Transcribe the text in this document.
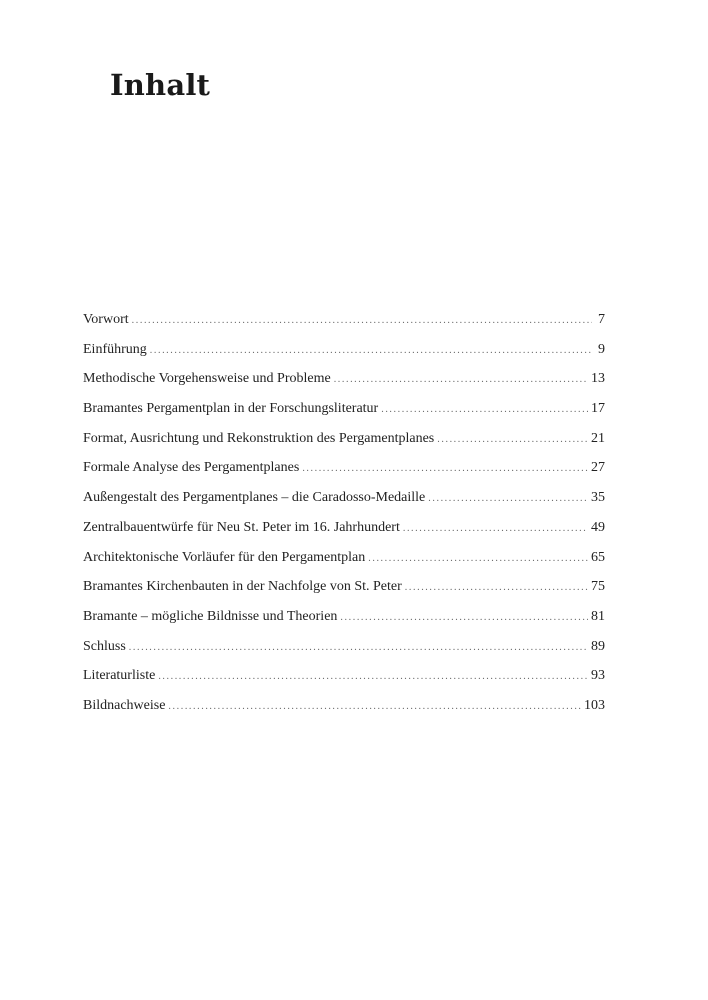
Inhalt
Vorwort .....	7
Einführung .....	9
Methodische Vorgehensweise und Probleme .....	13
Bramantes Pergamentplan in der Forschungsliteratur .....	17
Format, Ausrichtung und Rekonstruktion des Pergamentplanes .....	21
Formale Analyse des Pergamentplanes .....	27
Außengestalt des Pergamentplanes – die Caradosso-Medaille .....	35
Zentralbauentwürfe für Neu St. Peter im 16. Jahrhundert .....	49
Architektonische Vorläufer für den Pergamentplan .....	65
Bramantes Kirchenbauten in der Nachfolge von St. Peter .....	75
Bramante – mögliche Bildnisse und Theorien .....	81
Schluss .....	89
Literaturliste .....	93
Bildnachweise .....	103
